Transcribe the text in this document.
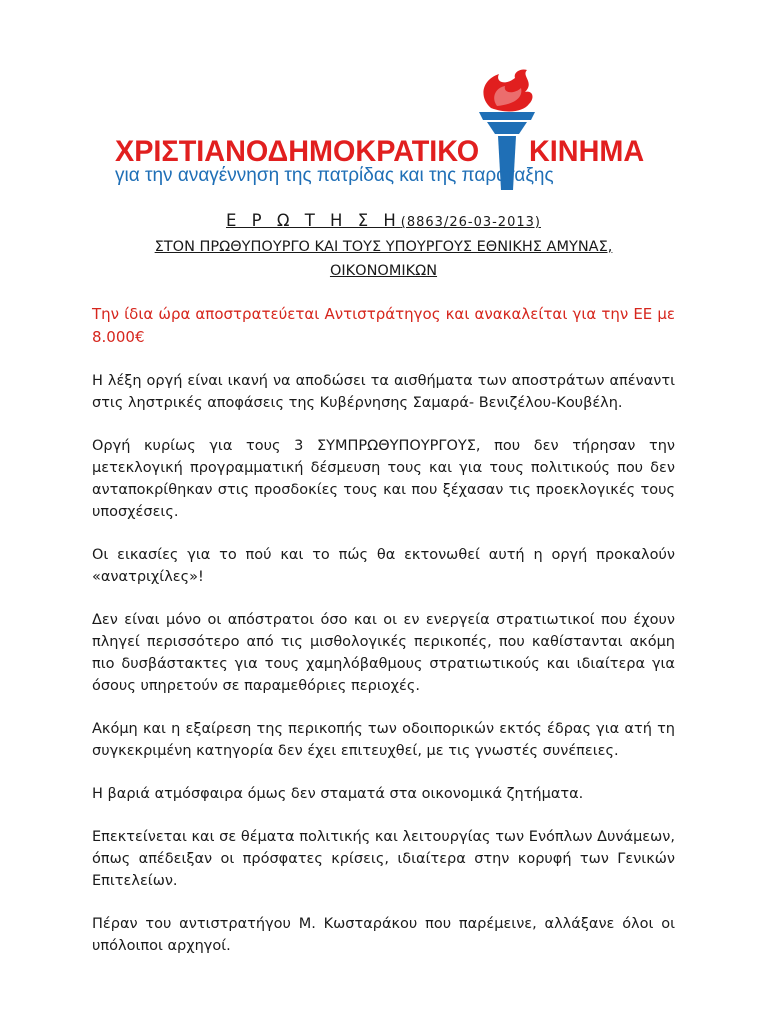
ΧΡΙΣΤΙΑΝΟΔΗΜΟΚΡΑΤΙΚΟ ΚΙΝΗΜΑ
για την αναγέννηση της πατρίδας και της παράταξης
Ε Ρ Ω Τ Η Σ Η(8863/26-03-2013)
ΣΤΟΝ ΠΡΩΘΥΠΟΥΡΓΟ ΚΑΙ ΤΟΥΣ ΥΠΟΥΡΓΟΥΣ ΕΘΝΙΚΗΣ ΑΜΥΝΑΣ,
ΟΙΚΟΝΟΜΙΚΩΝ

Την ίδια ώρα αποστρατεύεται Αντιστράτηγος και ανακαλείται για την ΕΕ με 8.000€

Η λέξη οργή είναι ικανή να αποδώσει τα αισθήματα των αποστράτων απέναντι στις ληστρικές αποφάσεις της Κυβέρνησης Σαμαρά- Βενιζέλου-Κουβέλη.

Οργή κυρίως για τους 3 ΣΥΜΠΡΩΘΥΠΟΥΡΓΟΥΣ, που δεν τήρησαν την μετεκλογική προγραμματική δέσμευση τους και για τους πολιτικούς που δεν ανταποκρίθηκαν στις προσδοκίες τους και που ξέχασαν τις προεκλογικές τους υποσχέσεις.

Οι εικασίες για το πού και το πώς θα εκτονωθεί αυτή η οργή προκαλούν «ανατριχίλες»!

Δεν είναι μόνο οι απόστρατοι όσο και οι εν ενεργεία στρατιωτικοί που έχουν πληγεί περισσότερο από τις μισθολογικές περικοπές, που καθίστανται ακόμη πιο δυσβάστακτες για τους χαμηλόβαθμους στρατιωτικούς και ιδιαίτερα για όσους υπηρετούν σε παραμεθόριες περιοχές.

Ακόμη και η εξαίρεση της περικοπής των οδοιπορικών εκτός έδρας για ατή τη συγκεκριμένη κατηγορία δεν έχει επιτευχθεί, με τις γνωστές συνέπειες.

Η βαριά ατμόσφαιρα όμως δεν σταματά στα οικονομικά ζητήματα.

Επεκτείνεται και σε θέματα πολιτικής και λειτουργίας των Ενόπλων Δυνάμεων, όπως απέδειξαν οι πρόσφατες κρίσεις, ιδιαίτερα στην κορυφή των Γενικών Επιτελείων.

Πέραν του αντιστρατήγου Μ. Κωσταράκου που παρέμεινε, αλλάξανε όλοι οι υπόλοιποι αρχηγοί.
